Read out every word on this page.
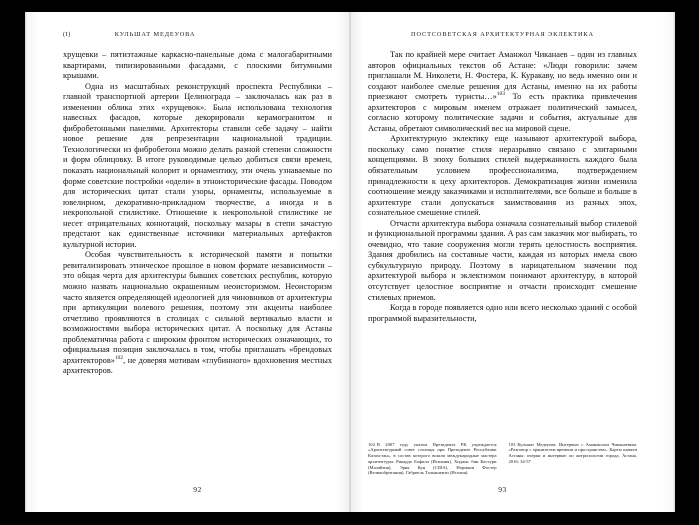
(I)	КУЛЬШАТ МЕДЕУОВА

хрущевки – пятиэтажные каркасно-панельные дома с малогабаритными квартирами, типизированными фасадами, с плоскими битумными крышами.

Одна из масштабных реконструкций проспекта Республики – главной транспортной артерии Целинограда – заключалась как раз в изменении облика этих «хрущевок». Была использована технология навесных фасадов, которые декорировали керамогранитом и фибробетонными панелями. Архитекторы ставили себе задачу – найти новое решение для репрезентации национальной традиции. Технологически из фибробетона можно делать разной степени сложности и форм облицовку. В итоге руководимые целью добиться связи времен, показать национальный колорит и орнаментику, эти очень узнаваемые по форме советские постройки «одели» в этноисторические фасады. Поводом для исторических цитат стали узоры, орнаменты, используемые в ювелирном, декоративно-прикладном творчестве, а иногда и в некропольной стилистике. Отношение к некропольной стилистике не несет отрицательных коннотаций, поскольку мазары в степи зачастую предстают как единственные источники материальных артефактов культурной истории.

Особая чувствительность к исторической памяти и попытки ревитализировать этническое прошлое в новом формате независимости – это общая черта для архитектуры бывших советских республик, которую можно назвать национально окрашенным неоисторизмом. Неоисторизм часто является определяющей идеологией для чиновников от архитектуры при артикуляции волевого решения, поэтому эти акценты наиболее отчетливо проявляются в столицах с сильной вертикалью власти и возможностями выбора исторических цитат. А поскольку для Астаны проблематична работа с широким фронтом исторических означающих, то официальная позиция заключалась в том, чтобы приглашать «брендовых архитекторов»$^{102}$, не доверяя мотивам «глубинного» вдохновения местных архитекторов.

92
ПОСТСОВЕТСКАЯ АРХИТЕКТУРНАЯ ЭКЛЕКТИКА

Так по крайней мере считает Аманжол Чиканаев – один из главных авторов официальных текстов об Астане: «Люди говорили: зачем приглашали М. Николети, Н. Фостера, К. Куракаву, но ведь именно они и создают наиболее смелые решения для Астаны, именно на их работы приезжают смотреть туристы…»$^{103}$ То есть практика привлечения архитекторов с мировым именем отражает политический замысел, согласно которому политические задачи и события, актуальные для Астаны, обретают символический вес на мировой сцене.

Архитектурную эклектику еще называют архитектурой выбора, поскольку само понятие стиля неразрывно связано с элитарными концепциями. В эпоху больших стилей выдержанность каждого была обязательным условием профессионализма, подтверждением принадлежности к цеху архитекторов. Демократизация жизни изменила соотношение между заказчиками и исполнителями, все больше и больше в архитектуре стали допускаться заимствования из разных эпох, сознательное смешение стилей.

Отчасти архитектура выбора означала сознательный выбор стилевой и функциональной программы здания. А раз сам заказчик мог выбирать, то очевидно, что такие сооружения могли терять целостность восприятия. Здания дробились на составные части, каждая из которых имела свою субкультурную природу. Поэтому в нарицательном значении под архитектурой выбора и эклектизмом понимают архитектуру, в которой отсутствует целостное восприятие и отчасти происходит смешение стилевых приемов.

Когда в городе появляется одно или всего несколько зданий с особой программой выразительности,

102 В 2007 году указом Президента РК учреждается «Архитектурный совет столицы при Президенте Республики Казахстан», в состав которого вошли международные мастера архитектуры: Рикардо Бофилл (Испания), Хиджас бин Кастури (Малайзия), Эрик Кун (США), Норманн Фостер (Великобритания), Габриель Тальяшенти (Италия).

103 Кульшат Медеуова. Интервью с Аманжолом Чиканаевым. «Разговор с хранителем времени и пространства». Карты памяти Астаны: очерки и интервью по антропологии города. Астана, 2016: 34-57

93
